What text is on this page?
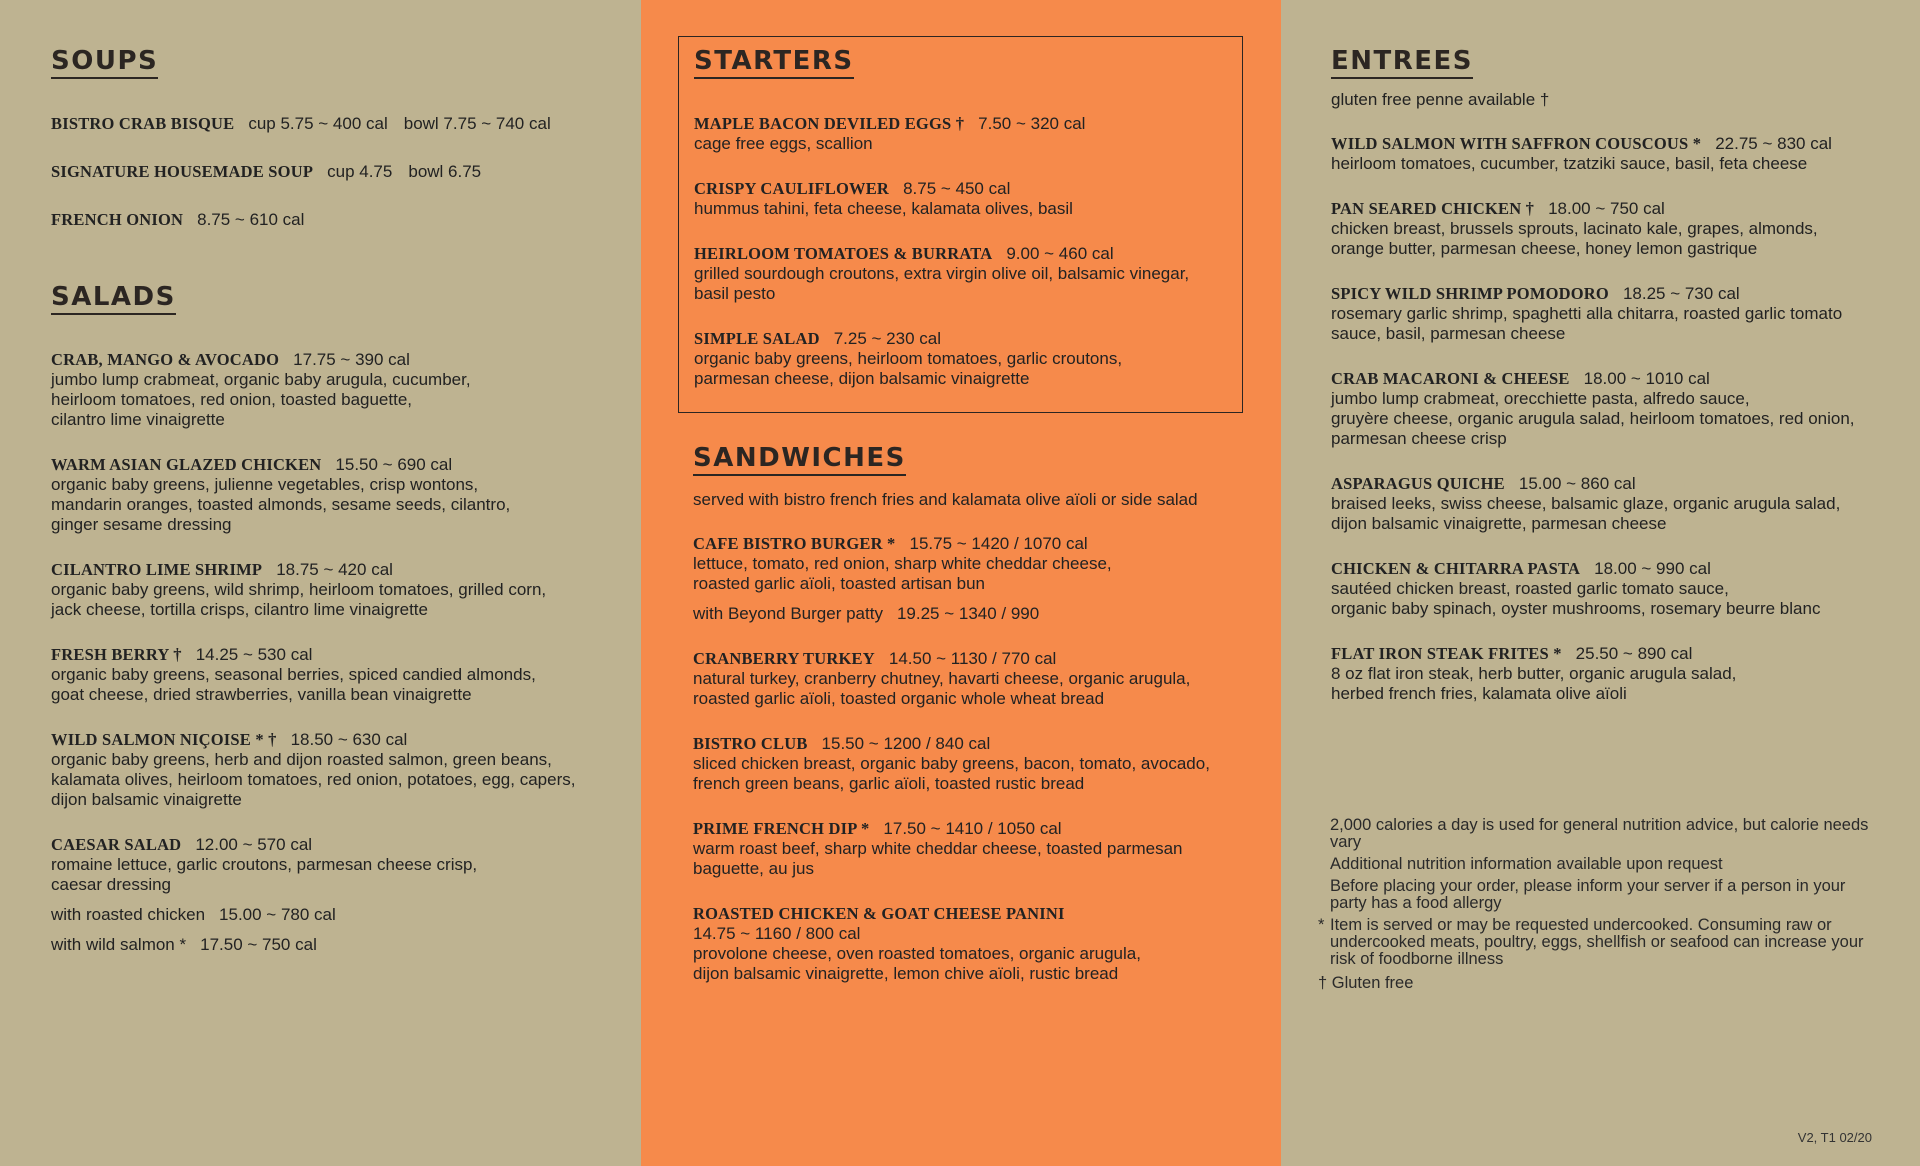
SOUPS
BISTRO CRAB BISQUE cup 5.75 ~ 400 cal bowl 7.75 ~ 740 cal
SIGNATURE HOUSEMADE SOUP cup 4.75 bowl 6.75
FRENCH ONION 8.75 ~ 610 cal
SALADS
CRAB, MANGO & AVOCADO 17.75 ~ 390 cal
jumbo lump crabmeat, organic baby arugula, cucumber,
heirloom tomatoes, red onion, toasted baguette,
cilantro lime vinaigrette
WARM ASIAN GLAZED CHICKEN 15.50 ~ 690 cal
organic baby greens, julienne vegetables, crisp wontons,
mandarin oranges, toasted almonds, sesame seeds, cilantro,
ginger sesame dressing
CILANTRO LIME SHRIMP 18.75 ~ 420 cal
organic baby greens, wild shrimp, heirloom tomatoes, grilled corn,
jack cheese, tortilla crisps, cilantro lime vinaigrette
FRESH BERRY † 14.25 ~ 530 cal
organic baby greens, seasonal berries, spiced candied almonds,
goat cheese, dried strawberries, vanilla bean vinaigrette
WILD SALMON NIÇOISE * † 18.50 ~ 630 cal
organic baby greens, herb and dijon roasted salmon, green beans,
kalamata olives, heirloom tomatoes, red onion, potatoes, egg, capers,
dijon balsamic vinaigrette
CAESAR SALAD 12.00 ~ 570 cal
romaine lettuce, garlic croutons, parmesan cheese crisp,
caesar dressing
with roasted chicken 15.00 ~ 780 cal
with wild salmon * 17.50 ~ 750 cal
STARTERS
MAPLE BACON DEVILED EGGS † 7.50 ~ 320 cal
cage free eggs, scallion
CRISPY CAULIFLOWER 8.75 ~ 450 cal
hummus tahini, feta cheese, kalamata olives, basil
HEIRLOOM TOMATOES & BURRATA 9.00 ~ 460 cal
grilled sourdough croutons, extra virgin olive oil, balsamic vinegar,
basil pesto
SIMPLE SALAD 7.25 ~ 230 cal
organic baby greens, heirloom tomatoes, garlic croutons,
parmesan cheese, dijon balsamic vinaigrette
SANDWICHES

served with bistro french fries and kalamata olive aïoli or side salad

CAFE BISTRO BURGER * 15.75 ~ 1420 / 1070 cal
lettuce, tomato, red onion, sharp white cheddar cheese,
roasted garlic aïoli, toasted artisan bun
with Beyond Burger patty 19.25 ~ 1340 / 990
CRANBERRY TURKEY 14.50 ~ 1130 / 770 cal
natural turkey, cranberry chutney, havarti cheese, organic arugula,
roasted garlic aïoli, toasted organic whole wheat bread
BISTRO CLUB 15.50 ~ 1200 / 840 cal
sliced chicken breast, organic baby greens, bacon, tomato, avocado,
french green beans, garlic aïoli, toasted rustic bread
PRIME FRENCH DIP * 17.50 ~ 1410 / 1050 cal
warm roast beef, sharp white cheddar cheese, toasted parmesan
baguette, au jus
ROASTED CHICKEN & GOAT CHEESE PANINI
14.75 ~ 1160 / 800 cal
provolone cheese, oven roasted tomatoes, organic arugula,
dijon balsamic vinaigrette, lemon chive aïoli, rustic bread
ENTREES

gluten free penne available †

WILD SALMON WITH SAFFRON COUSCOUS * 22.75 ~ 830 cal
heirloom tomatoes, cucumber, tzatziki sauce, basil, feta cheese
PAN SEARED CHICKEN † 18.00 ~ 750 cal
chicken breast, brussels sprouts, lacinato kale, grapes, almonds,
orange butter, parmesan cheese, honey lemon gastrique
SPICY WILD SHRIMP POMODORO 18.25 ~ 730 cal
rosemary garlic shrimp, spaghetti alla chitarra, roasted garlic tomato
sauce, basil, parmesan cheese
CRAB MACARONI & CHEESE 18.00 ~ 1010 cal
jumbo lump crabmeat, orecchiette pasta, alfredo sauce,
gruyère cheese, organic arugula salad, heirloom tomatoes, red onion,
parmesan cheese crisp
ASPARAGUS QUICHE 15.00 ~ 860 cal
braised leeks, swiss cheese, balsamic glaze, organic arugula salad,
dijon balsamic vinaigrette, parmesan cheese
CHICKEN & CHITARRA PASTA 18.00 ~ 990 cal
sautéed chicken breast, roasted garlic tomato sauce,
organic baby spinach, oyster mushrooms, rosemary beurre blanc
FLAT IRON STEAK FRITES * 25.50 ~ 890 cal
8 oz flat iron steak, herb butter, organic arugula salad,
herbed french fries, kalamata olive aïoli
2,000 calories a day is used for general nutrition advice, but calorie needs vary
Additional nutrition information available upon request
Before placing your order, please inform your server if a person in your party has a food allergy
* Item is served or may be requested undercooked. Consuming raw or undercooked meats, poultry, eggs, shellfish or seafood can increase your risk of foodborne illness
† Gluten free
V2, T1 02/20
